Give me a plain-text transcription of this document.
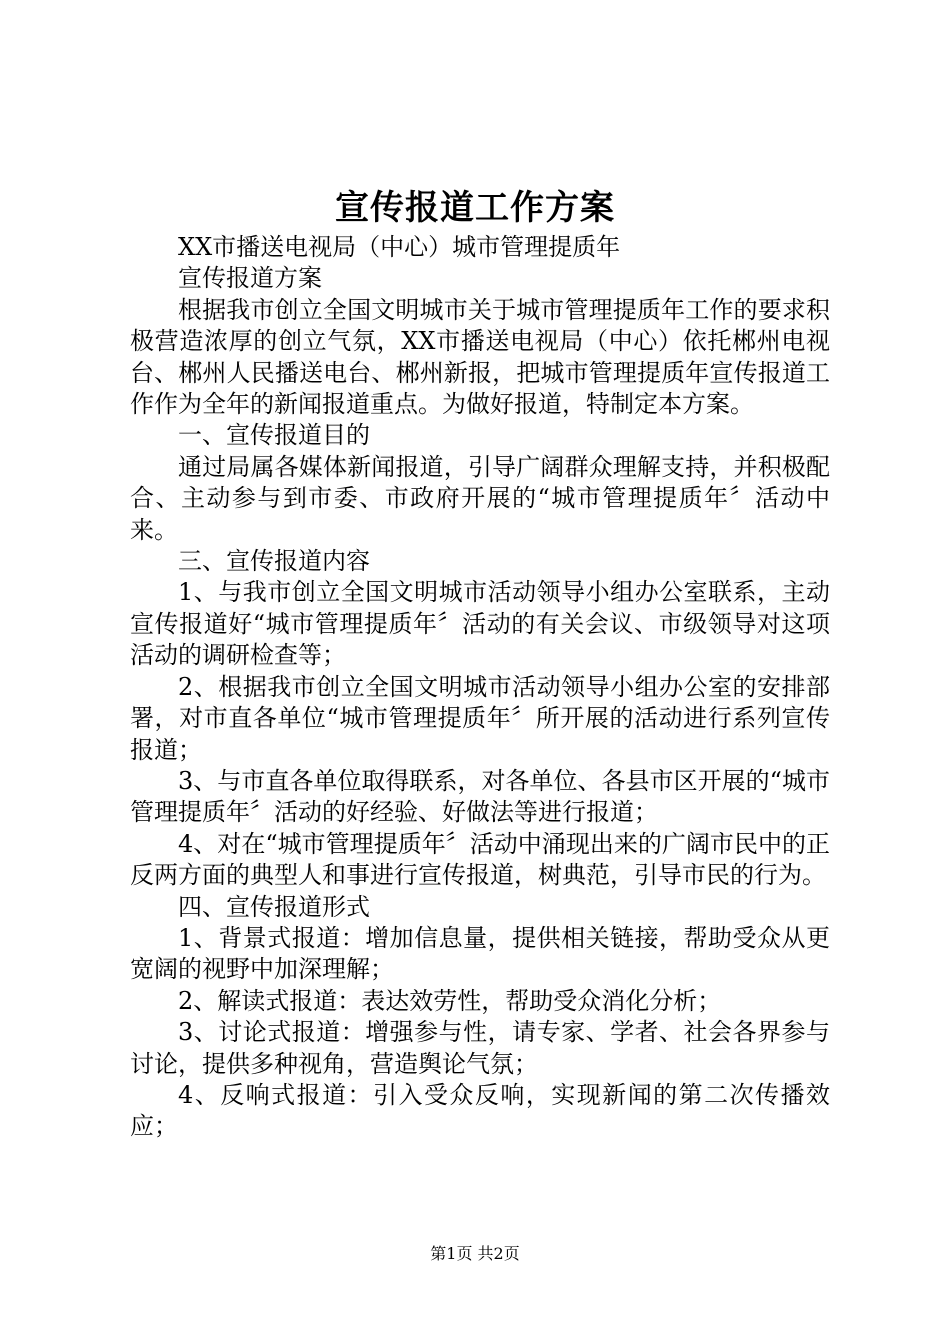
宣传报道工作方案

XX市播送电视局（中心）城市管理提质年

宣传报道方案

根据我市创立全国文明城市关于城市管理提质年工作的要求积极营造浓厚的创立气氛，XX市播送电视局（中心）依托郴州电视台、郴州人民播送电台、郴州新报，把城市管理提质年宣传报道工作作为全年的新闻报道重点。为做好报道，特制定本方案。

一、宣传报道目的

通过局属各媒体新闻报道，引导广阔群众理解支持，并积极配合、主动参与到市委、市政府开展的“城市管理提质年〞活动中来。

三、宣传报道内容

1、与我市创立全国文明城市活动领导小组办公室联系，主动宣传报道好“城市管理提质年〞活动的有关会议、市级领导对这项活动的调研检查等；

2、根据我市创立全国文明城市活动领导小组办公室的安排部署，对市直各单位“城市管理提质年〞所开展的活动进行系列宣传报道；

3、与市直各单位取得联系，对各单位、各县市区开展的“城市管理提质年〞活动的好经验、好做法等进行报道；

4、对在“城市管理提质年〞活动中涌现出来的广阔市民中的正反两方面的典型人和事进行宣传报道，树典范，引导市民的行为。

四、宣传报道形式

1、背景式报道：增加信息量，提供相关链接，帮助受众从更宽阔的视野中加深理解；

2、解读式报道：表达效劳性，帮助受众消化分析；

3、讨论式报道：增强参与性，请专家、学者、社会各界参与讨论，提供多种视角，营造舆论气氛；

4、反响式报道：引入受众反响，实现新闻的第二次传播效应；

第1页 共2页
